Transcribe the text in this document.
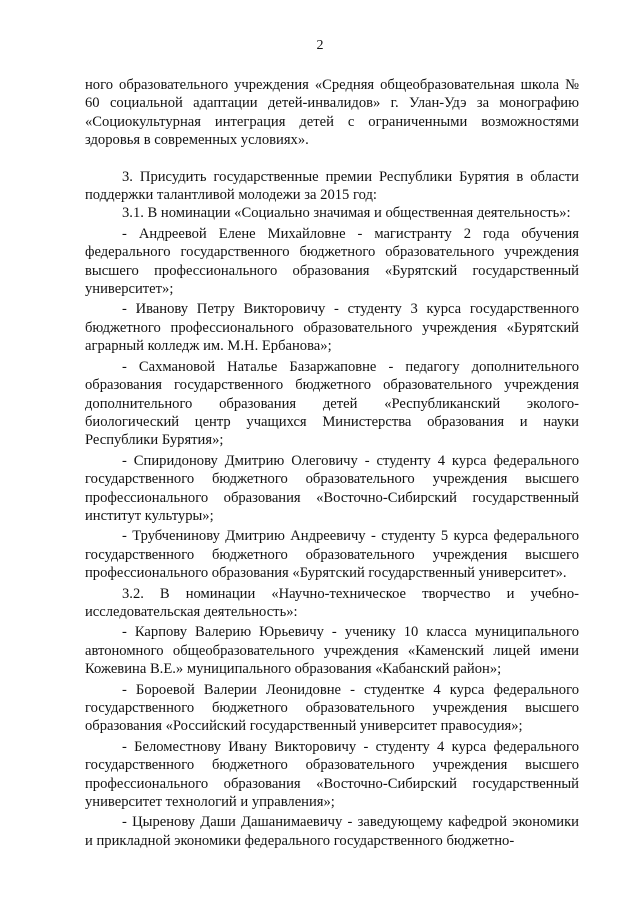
2

ного образовательного учреждения «Средняя общеобразовательная школа № 60 социальной адаптации детей-инвалидов» г. Улан-Удэ за монографию «Социокультурная интеграция детей с ограниченными возможностями здоровья в современных условиях».

3. Присудить государственные премии Республики Бурятия в области поддержки талантливой молодежи за 2015 год:

3.1. В номинации «Социально значимая и общественная деятельность»:

- Андреевой Елене Михайловне - магистранту 2 года обучения федерального государственного бюджетного образовательного учреждения высшего профессионального образования «Бурятский государственный университет»;

- Иванову Петру Викторовичу - студенту 3 курса государственного бюджетного профессионального образовательного учреждения «Бурятский аграрный колледж им. М.Н. Ербанова»;

- Сахмановой Наталье Базаржаповне - педагогу дополнительного образования государственного бюджетного образовательного учреждения дополнительного образования детей «Республиканский эколого-биологический центр учащихся Министерства образования и науки Республики Бурятия»;

- Спиридонову Дмитрию Олеговичу - студенту 4 курса федерального государственного бюджетного образовательного учреждения высшего профессионального образования «Восточно-Сибирский государственный институт культуры»;

- Трубченинову Дмитрию Андреевичу - студенту 5 курса федерального государственного бюджетного образовательного учреждения высшего профессионального образования «Бурятский государственный университет».

3.2. В номинации «Научно-техническое творчество и учебно-исследовательская деятельность»:

- Карпову Валерию Юрьевичу - ученику 10 класса муниципального автономного общеобразовательного учреждения «Каменский лицей имени Кожевина В.Е.» муниципального образования «Кабанский район»;

- Бороевой Валерии Леонидовне - студентке 4 курса федерального государственного бюджетного образовательного учреждения высшего образования «Российский государственный университет правосудия»;

- Беломестнову Ивану Викторовичу - студенту 4 курса федерального государственного бюджетного образовательного учреждения высшего профессионального образования «Восточно-Сибирский государственный университет технологий и управления»;

- Цыренову Даши Дашанимаевичу - заведующему кафедрой экономики и прикладной экономики федерального государственного бюджетно-
